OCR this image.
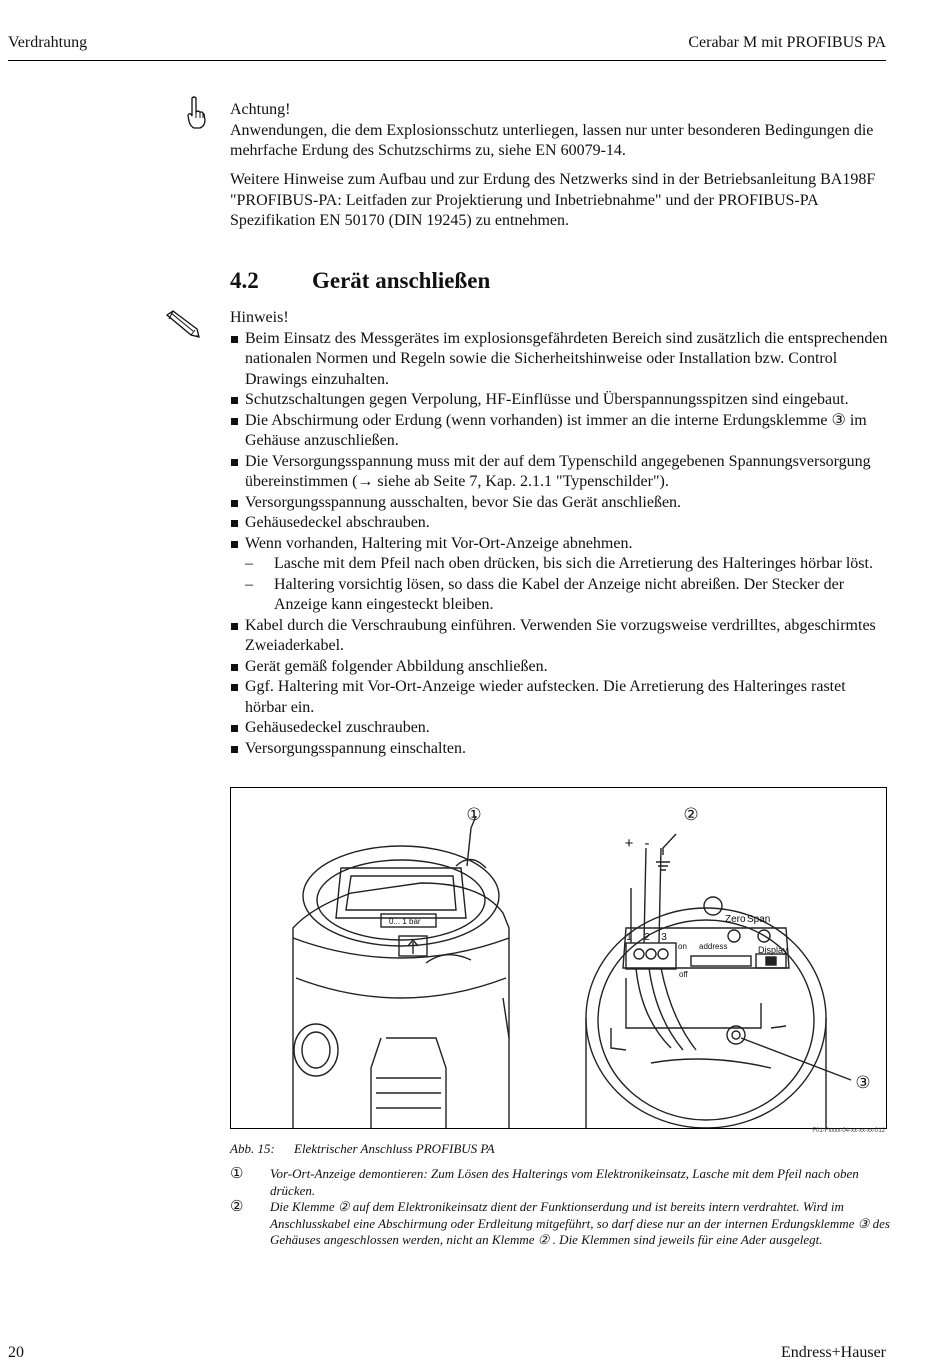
Verdrahtung	Cerabar M mit PROFIBUS PA

Achtung!

Anwendungen, die dem Explosionsschutz unterliegen, lassen nur unter besonderen Bedingungen die mehrfache Erdung des Schutzschirms zu, siehe EN 60079-14.

Weitere Hinweise zum Aufbau und zur Erdung des Netzwerks sind in der Betriebsanleitung BA198F "PROFIBUS-PA: Leitfaden zur Projektierung und Inbetriebnahme" und der PROFIBUS-PA Spezifikation EN 50170 (DIN 19245) zu entnehmen.

4.2 Gerät anschließen

Hinweis!

Beim Einsatz des Messgerätes im explosionsgefährdeten Bereich sind zusätzlich die entsprechenden nationalen Normen und Regeln sowie die Sicherheitshinweise oder Installation bzw. Control Drawings einzuhalten.
Schutzschaltungen gegen Verpolung, HF-Einflüsse und Überspannungsspitzen sind eingebaut.
Die Abschirmung oder Erdung (wenn vorhanden) ist immer an die interne Erdungsklemme ③ im Gehäuse anzuschließen.
Die Versorgungsspannung muss mit der auf dem Typenschild angegebenen Spannungsversorgung übereinstimmen (→ siehe ab Seite 7, Kap. 2.1.1 "Typenschilder").
Versorgungsspannung ausschalten, bevor Sie das Gerät anschließen.
Gehäusedeckel abschrauben.
Wenn vorhanden, Haltering mit Vor-Ort-Anzeige abnehmen.
– Lasche mit dem Pfeil nach oben drücken, bis sich die Arretierung des Halteringes hörbar löst.
– Haltering vorsichtig lösen, so dass die Kabel der Anzeige nicht abreißen. Der Stecker der Anzeige kann eingesteckt bleiben.
Kabel durch die Verschraubung einführen. Verwenden Sie vorzugsweise verdrilltes, abgeschirmtes Zweiaderkabel.
Gerät gemäß folgender Abbildung anschließen.
Ggf. Haltering mit Vor-Ort-Anzeige wieder aufstecken. Die Arretierung des Halteringes rastet hörbar ein.
Gehäusedeckel zuschrauben.
Versorgungsspannung einschalten.
①	②
③
+ -
1 2 3
Zero Span
on address
off
Display
0... 1 bar
F01-Fxxxx-04-xx-xx-xx-012
Abb. 15: Elektrischer Anschluss PROFIBUS PA
① Vor-Ort-Anzeige demontieren: Zum Lösen des Halterings vom Elektronikeinsatz, Lasche mit dem Pfeil nach oben drücken.
② Die Klemme ② auf dem Elektronikeinsatz dient der Funktionserdung und ist bereits intern verdrahtet. Wird im Anschlusskabel eine Abschirmung oder Erdleitung mitgeführt, so darf diese nur an der internen Erdungsklemme ③ des Gehäuses angeschlossen werden, nicht an Klemme ② . Die Klemmen sind jeweils für eine Ader ausgelegt.
20	Endress+Hauser
